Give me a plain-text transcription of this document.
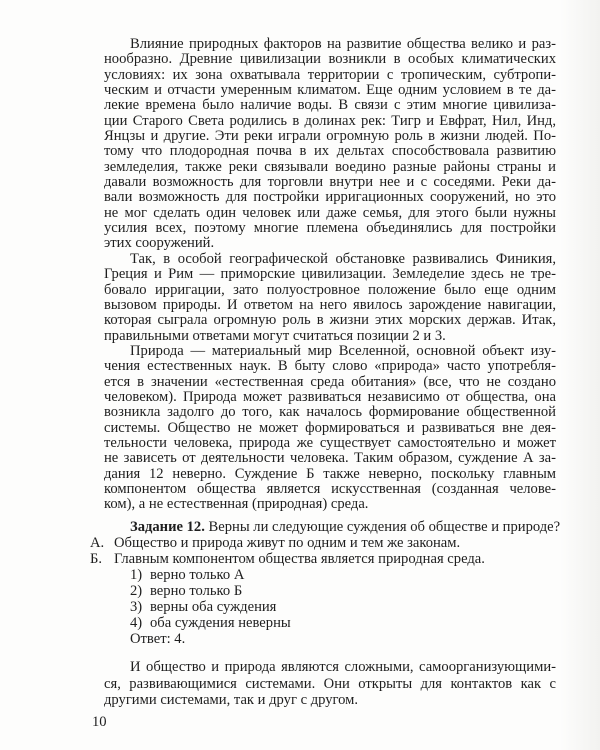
Влияние природных факторов на развитие общества велико и раз-
нообразно. Древние цивилизации возникли в особых климатических
условиях: их зона охватывала территории с тропическим, субтропи-
ческим и отчасти умеренным климатом. Еще одним условием в те да-
лекие времена было наличие воды. В связи с этим многие цивилиза-
ции Старого Света родились в долинах рек: Тигр и Евфрат, Нил, Инд,
Янцзы и другие. Эти реки играли огромную роль в жизни людей. По-
тому что плодородная почва в их дельтах способствовала развитию
земледелия, также реки связывали воедино разные районы страны и
давали возможность для торговли внутри нее и с соседями. Реки да-
вали возможность для постройки ирригационных сооружений, но это
не мог сделать один человек или даже семья, для этого были нужны
усилия всех, поэтому многие племена объединялись для постройки
этих сооружений.
Так, в особой географической обстановке развивались Финикия,
Греция и Рим — приморские цивилизации. Земледелие здесь не тре-
бовало ирригации, зато полуостровное положение было еще одним
вызовом природы. И ответом на него явилось зарождение навигации,
которая сыграла огромную роль в жизни этих морских держав. Итак,
правильными ответами могут считаться позиции 2 и 3.
Природа — материальный мир Вселенной, основной объект изу-
чения естественных наук. В быту слово «природа» часто употребля-
ется в значении «естественная среда обитания» (все, что не создано
человеком). Природа может развиваться независимо от общества, она
возникла задолго до того, как началось формирование общественной
системы. Общество не может формироваться и развиваться вне дея-
тельности человека, природа же существует самостоятельно и может
не зависеть от деятельности человека. Таким образом, суждение А за-
дания 12 неверно. Суждение Б также неверно, поскольку главным
компонентом общества является искусственная (созданная челове-
ком), а не естественная (природная) среда.
Задание 12. Верны ли следующие суждения об обществе и природе?
А. Общество и природа живут по одним и тем же законам.
Б. Главным компонентом общества является природная среда.
1) верно только А
2) верно только Б
3) верны оба суждения
4) оба суждения неверны
Ответ: 4.
И общество и природа являются сложными, самоорганизующими-
ся, развивающимися системами. Они открыты для контактов как с
другими системами, так и друг с другом.
10
